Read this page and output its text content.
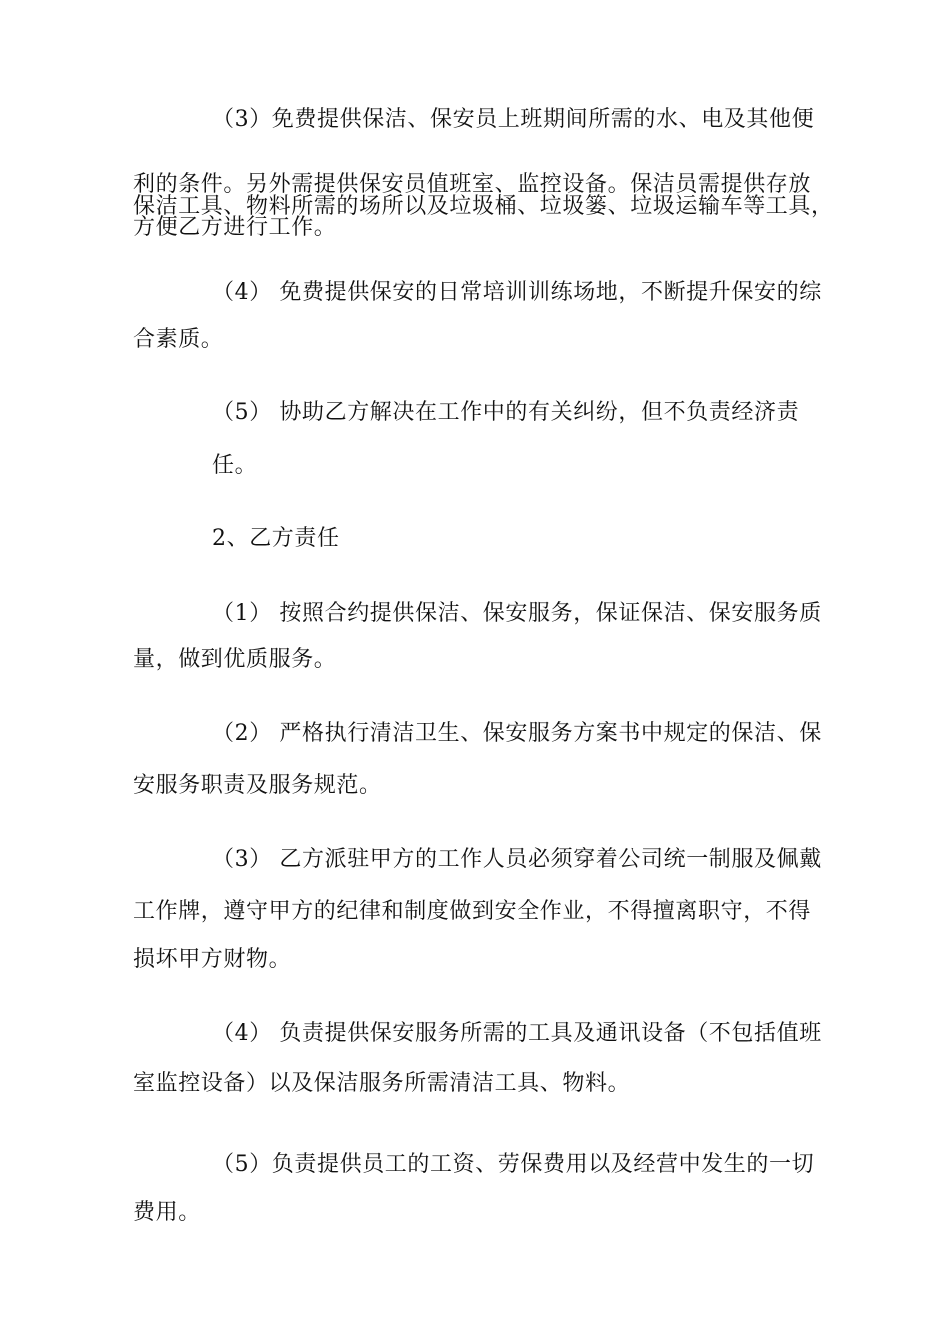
（3）免费提供保洁、保安员上班期间所需的水、电及其他便

利的条件。另外需提供保安员值班室、监控设备。保洁员需提供存放

保洁工具、物料所需的场所以及垃圾桶、垃圾篓、垃圾运输车等工具，

方便乙方进行工作。

（4） 免费提供保安的日常培训训练场地，不断提升保安的综

合素质。

（5） 协助乙方解决在工作中的有关纠纷，但不负责经济责

任。

2、乙方责任

（1） 按照合约提供保洁、保安服务，保证保洁、保安服务质

量，做到优质服务。

（2） 严格执行清洁卫生、保安服务方案书中规定的保洁、保

安服务职责及服务规范。

（3） 乙方派驻甲方的工作人员必须穿着公司统一制服及佩戴

工作牌，遵守甲方的纪律和制度做到安全作业，不得擅离职守，不得

损坏甲方财物。

（4） 负责提供保安服务所需的工具及通讯设备（不包括值班

室监控设备）以及保洁服务所需清洁工具、物料。

（5）负责提供员工的工资、劳保费用以及经营中发生的一切

费用。
